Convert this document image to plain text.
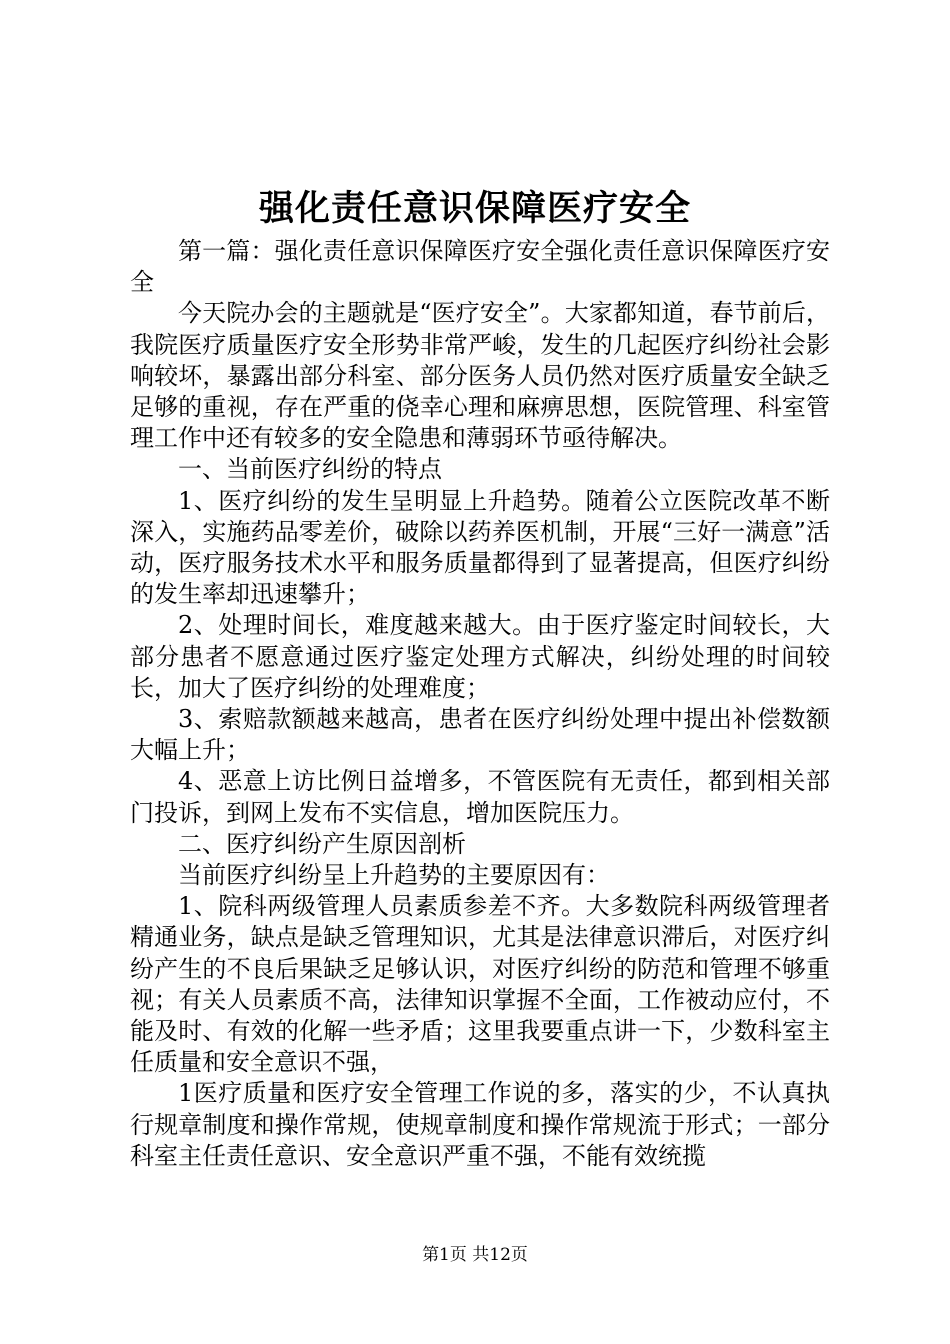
强化责任意识保障医疗安全

第一篇：强化责任意识保障医疗安全强化责任意识保障医疗安全

今天院办会的主题就是“医疗安全”。大家都知道，春节前后，我院医疗质量医疗安全形势非常严峻，发生的几起医疗纠纷社会影响较坏，暴露出部分科室、部分医务人员仍然对医疗质量安全缺乏足够的重视，存在严重的侥幸心理和麻痹思想，医院管理、科室管理工作中还有较多的安全隐患和薄弱环节亟待解决。

一、当前医疗纠纷的特点

1、医疗纠纷的发生呈明显上升趋势。随着公立医院改革不断深入，实施药品零差价，破除以药养医机制，开展“三好一满意”活动，医疗服务技术水平和服务质量都得到了显著提高，但医疗纠纷的发生率却迅速攀升；

2、处理时间长，难度越来越大。由于医疗鉴定时间较长，大部分患者不愿意通过医疗鉴定处理方式解决，纠纷处理的时间较长，加大了医疗纠纷的处理难度；

3、索赔款额越来越高，患者在医疗纠纷处理中提出补偿数额大幅上升；

4、恶意上访比例日益增多，不管医院有无责任，都到相关部门投诉，到网上发布不实信息，增加医院压力。

二、医疗纠纷产生原因剖析

当前医疗纠纷呈上升趋势的主要原因有：

1、院科两级管理人员素质参差不齐。大多数院科两级管理者精通业务，缺点是缺乏管理知识，尤其是法律意识滞后，对医疗纠纷产生的不良后果缺乏足够认识，对医疗纠纷的防范和管理不够重视；有关人员素质不高，法律知识掌握不全面，工作被动应付，不能及时、有效的化解一些矛盾；这里我要重点讲一下，少数科室主任质量和安全意识不强，

1医疗质量和医疗安全管理工作说的多，落实的少，不认真执行规章制度和操作常规，使规章制度和操作常规流于形式；一部分科室主任责任意识、安全意识严重不强，不能有效统揽

第1页 共12页
